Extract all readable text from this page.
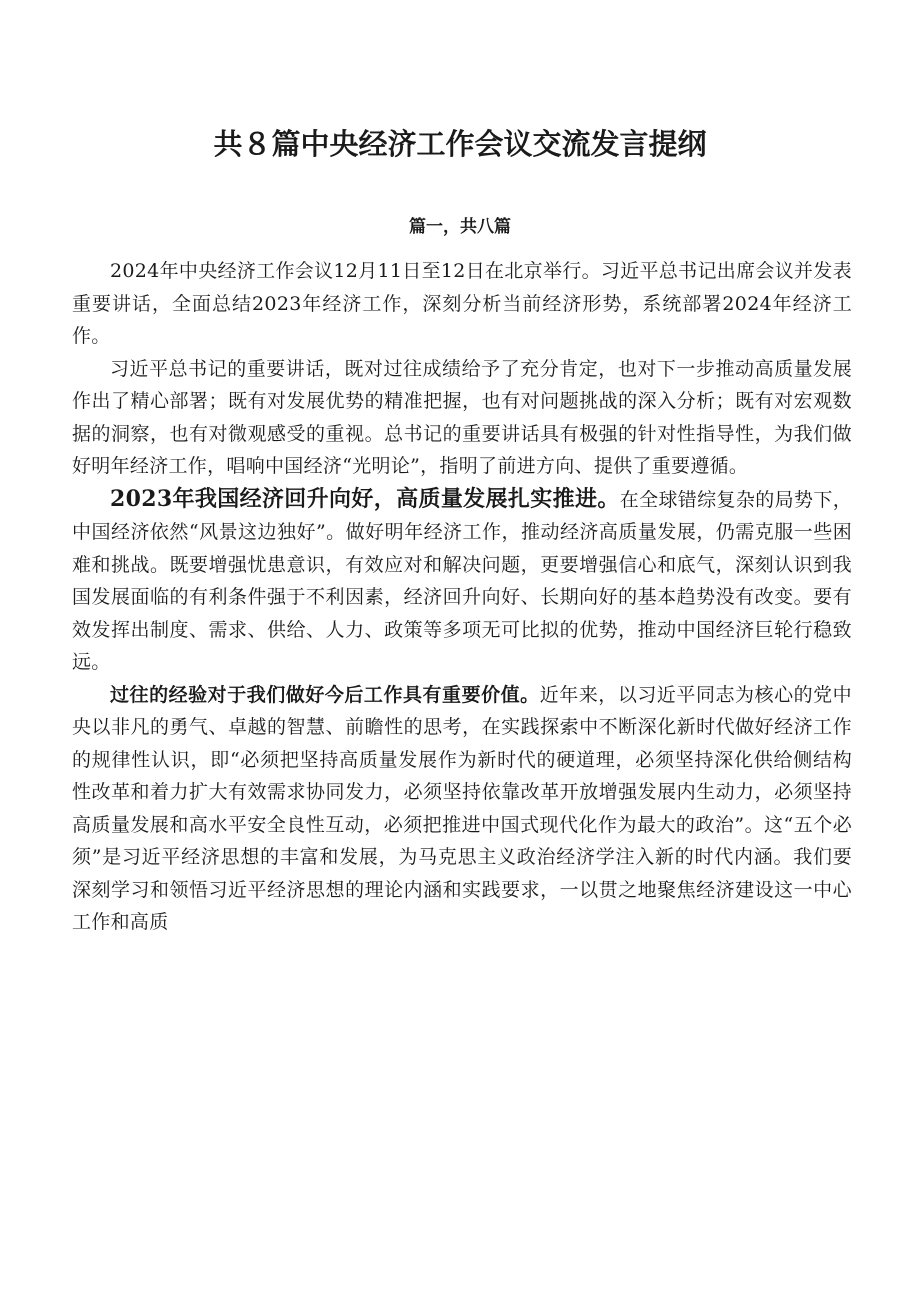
共８篇中央经济工作会议交流发言提纲
篇一，共八篇

2024年中央经济工作会议12月11日至12日在北京举行。习近平总书记出席会议并发表重要讲话，全面总结2023年经济工作，深刻分析当前经济形势，系统部署2024年经济工作。

习近平总书记的重要讲话，既对过往成绩给予了充分肯定，也对下一步推动高质量发展作出了精心部署；既有对发展优势的精准把握，也有对问题挑战的深入分析；既有对宏观数据的洞察，也有对微观感受的重视。总书记的重要讲话具有极强的针对性指导性，为我们做好明年经济工作，唱响中国经济“光明论”，指明了前进方向、提供了重要遵循。

2023年我国经济回升向好，高质量发展扎实推进。在全球错综复杂的局势下，中国经济依然“风景这边独好”。做好明年经济工作，推动经济高质量发展，仍需克服一些困难和挑战。既要增强忧患意识，有效应对和解决问题，更要增强信心和底气，深刻认识到我国发展面临的有利条件强于不利因素，经济回升向好、长期向好的基本趋势没有改变。要有效发挥出制度、需求、供给、人力、政策等多项无可比拟的优势，推动中国经济巨轮行稳致远。

过往的经验对于我们做好今后工作具有重要价值。近年来，以习近平同志为核心的党中央以非凡的勇气、卓越的智慧、前瞻性的思考，在实践探索中不断深化新时代做好经济工作的规律性认识，即“必须把坚持高质量发展作为新时代的硬道理，必须坚持深化供给侧结构性改革和着力扩大有效需求协同发力，必须坚持依靠改革开放增强发展内生动力，必须坚持高质量发展和高水平安全良性互动，必须把推进中国式现代化作为最大的政治”。这“五个必须”是习近平经济思想的丰富和发展，为马克思主义政治经济学注入新的时代内涵。我们要深刻学习和领悟习近平经济思想的理论内涵和实践要求，一以贯之地聚焦经济建设这一中心工作和高质
